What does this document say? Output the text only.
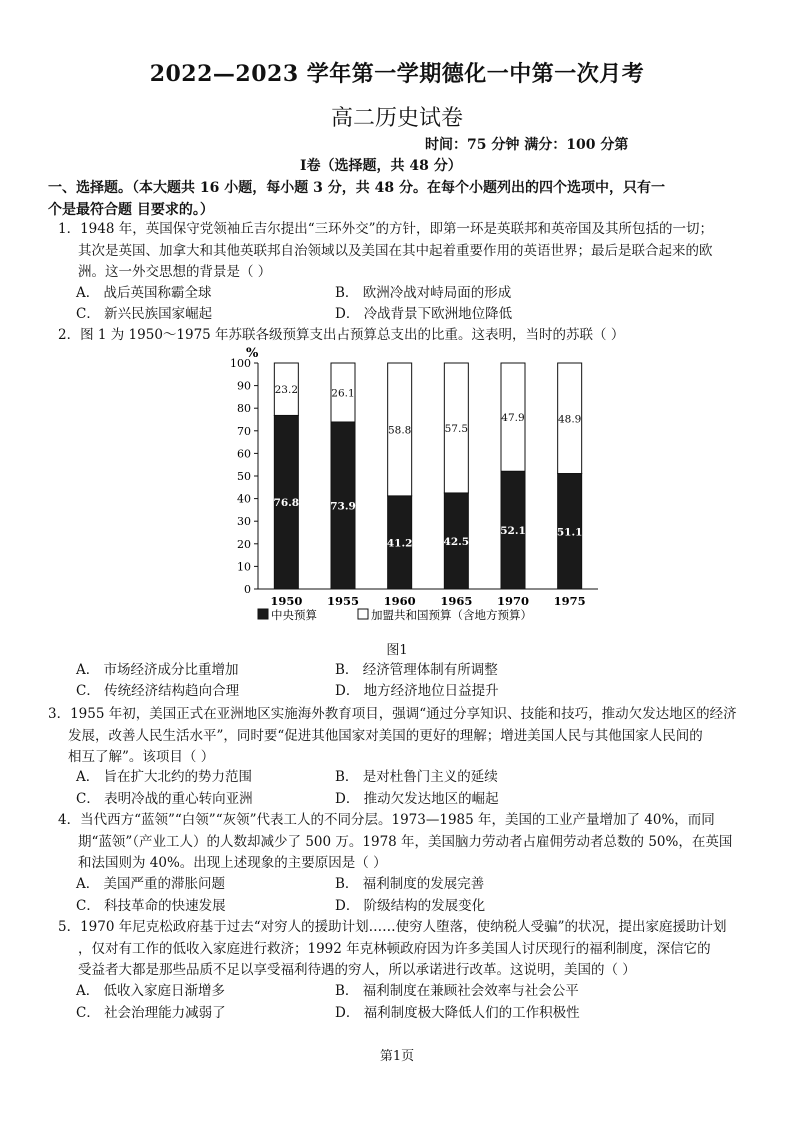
2022—2023 学年第一学期德化一中第一次月考
高二历史试卷
时间：75 分钟 满分：100 分第
Ⅰ卷（选择题，共 48 分）
一、选择题。（本大题共 16 小题，每小题 3 分，共 48 分。在每个小题列出的四个选项中，只有一
个是最符合题 目要求的。）
1．1948 年，英国保守党领袖丘吉尔提出“三环外交”的方针，即第一环是英联邦和英帝国及其所包括的一切；
其次是英国、加拿大和其他英联邦自治领域以及美国在其中起着重要作用的英语世界；最后是联合起来的欧
洲。这一外交思想的背景是（ ）
A． 战后英国称霸全球	B． 欧洲冷战对峙局面的形成
C． 新兴民族国家崛起	D． 冷战背景下欧洲地位降低
2．图 1 为 1950～1975 年苏联各级预算支出占预算总支出的比重。这表明，当时的苏联（ ）
%
0
10
20
30
40
50
60
70
80
90
100
76.8
23.2
1950
73.9
26.1
1955
41.2
58.8
1960
42.5
57.5
1965
52.1
47.9
1970
51.1
48.9
1975
中央预算	加盟共和国预算（含地方预算）
图1
A． 市场经济成分比重增加	B． 经济管理体制有所调整
C． 传统经济结构趋向合理	D． 地方经济地位日益提升
3．1955 年初，美国正式在亚洲地区实施海外教育项目，强调“通过分享知识、技能和技巧，推动欠发达地区的经济
发展，改善人民生活水平”，同时要“促进其他国家对美国的更好的理解；增进美国人民与其他国家人民间的
相互了解”。该项目（ ）
A． 旨在扩大北约的势力范围	B． 是对杜鲁门主义的延续
C． 表明冷战的重心转向亚洲	D． 推动欠发达地区的崛起
4．当代西方“蓝领”“白领”“灰领”代表工人的不同分层。1973—1985 年，美国的工业产量增加了 40%，而同
期“蓝领”（产业工人）的人数却减少了 500 万。1978 年，美国脑力劳动者占雇佣劳动者总数的 50%，在英国
和法国则为 40%。出现上述现象的主要原因是（ ）
A． 美国严重的滞胀问题	B． 福利制度的发展完善
C． 科技革命的快速发展	D． 阶级结构的发展变化
5．1970 年尼克松政府基于过去“对穷人的援助计划……使穷人堕落，使纳税人受骗”的状况，提出家庭援助计划
，仅对有工作的低收入家庭进行救济；1992 年克林顿政府因为许多美国人讨厌现行的福利制度，深信它的
受益者大都是那些品质不足以享受福利待遇的穷人，所以承诺进行改革。这说明，美国的（ ）
A． 低收入家庭日渐增多	B． 福利制度在兼顾社会效率与社会公平
C． 社会治理能力减弱了	D． 福利制度极大降低人们的工作积极性
第1页
